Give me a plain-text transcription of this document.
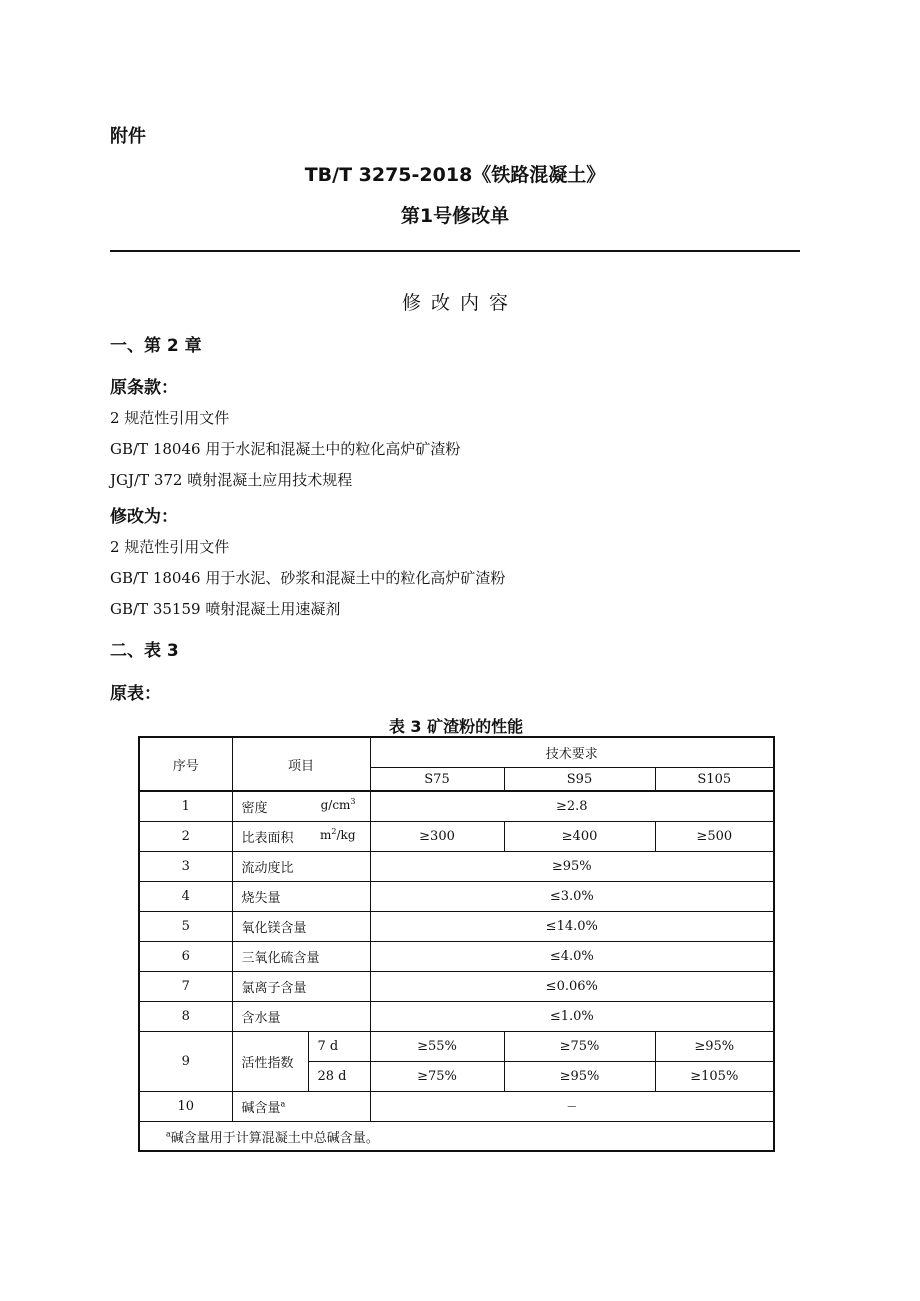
附件
TB/T 3275-2018《铁路混凝土》
第1号修改单
修 改 内 容
一、第 2 章
原条款：
2 规范性引用文件
GB/T 18046 用于水泥和混凝土中的粒化高炉矿渣粉
JGJ/T 372 喷射混凝土应用技术规程
修改为：
2 规范性引用文件
GB/T 18046 用于水泥、砂浆和混凝土中的粒化高炉矿渣粉
GB/T 35159 喷射混凝土用速凝剂
二、表 3
原表：
表 3 矿渣粉的性能
序号	项目		技术要求		
			S75	S95	S105
1	密度 $g/cm^3$		≥2.8		
2	比表面积 $m^2/kg$		≥300	≥400	≥500
3	流动度比		≥95%		
4	烧失量		≤3.0%		
5	氧化镁含量		≤14.0%		
6	三氧化硫含量		≤4.0%		
7	氯离子含量		≤0.06%		
8	含水量		≤1.0%		
9	活性指数	7 d	≥55%	≥75%	≥95%
		28 d	≥75%	≥95%	≥105%
10	碱含量$^a$		—		
$^a$碱含量用于计算混凝土中总碱含量。					
